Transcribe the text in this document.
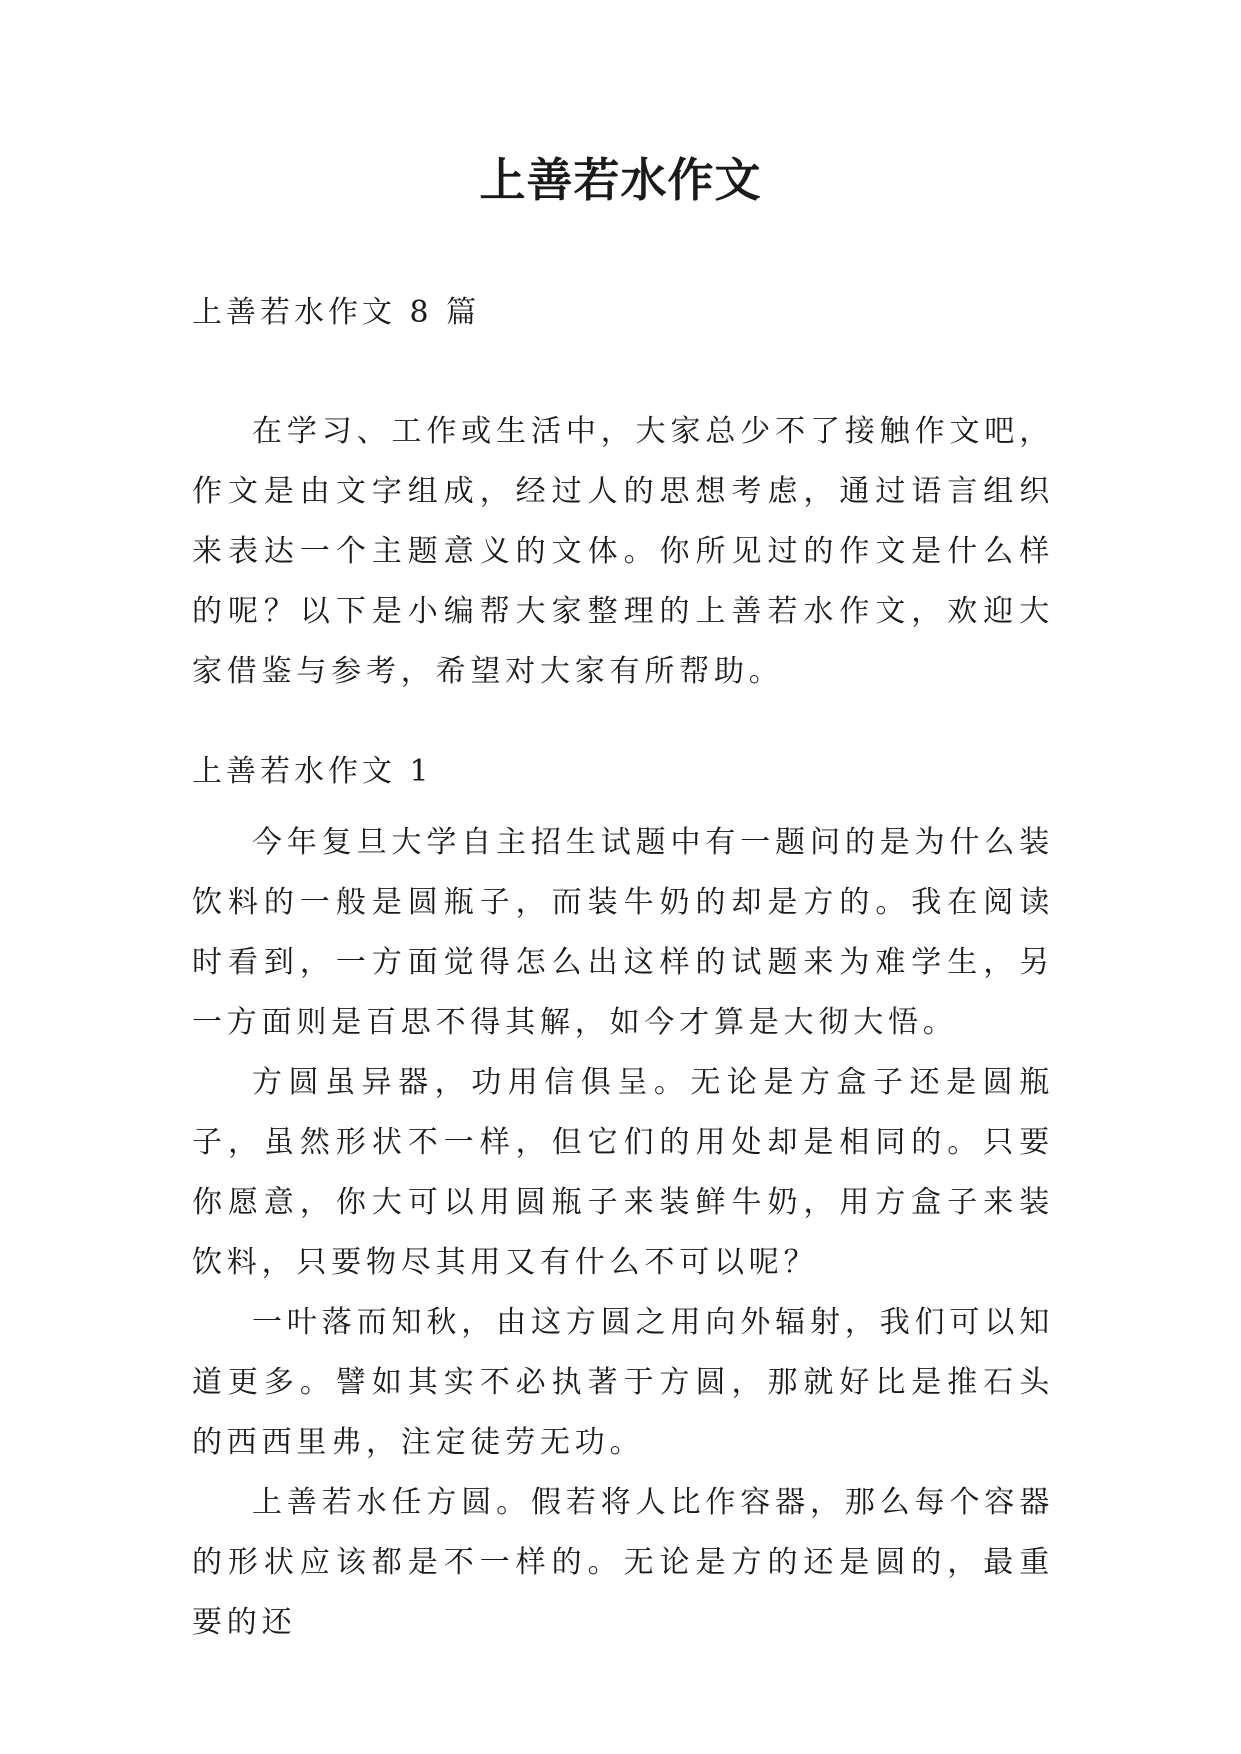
上善若水作文
上善若水作文 8 篇

在学习、工作或生活中，大家总少不了接触作文吧，作文是由文字组成，经过人的思想考虑，通过语言组织来表达一个主题意义的文体。你所见过的作文是什么样的呢？以下是小编帮大家整理的上善若水作文，欢迎大家借鉴与参考，希望对大家有所帮助。

上善若水作文 1

今年复旦大学自主招生试题中有一题问的是为什么装饮料的一般是圆瓶子，而装牛奶的却是方的。我在阅读时看到，一方面觉得怎么出这样的试题来为难学生，另一方面则是百思不得其解，如今才算是大彻大悟。

方圆虽异器，功用信俱呈。无论是方盒子还是圆瓶子，虽然形状不一样，但它们的用处却是相同的。只要你愿意，你大可以用圆瓶子来装鲜牛奶，用方盒子来装饮料，只要物尽其用又有什么不可以呢？

一叶落而知秋，由这方圆之用向外辐射，我们可以知道更多。譬如其实不必执著于方圆，那就好比是推石头的西西里弗，注定徒劳无功。

上善若水任方圆。假若将人比作容器，那么每个容器的形状应该都是不一样的。无论是方的还是圆的，最重要的还
